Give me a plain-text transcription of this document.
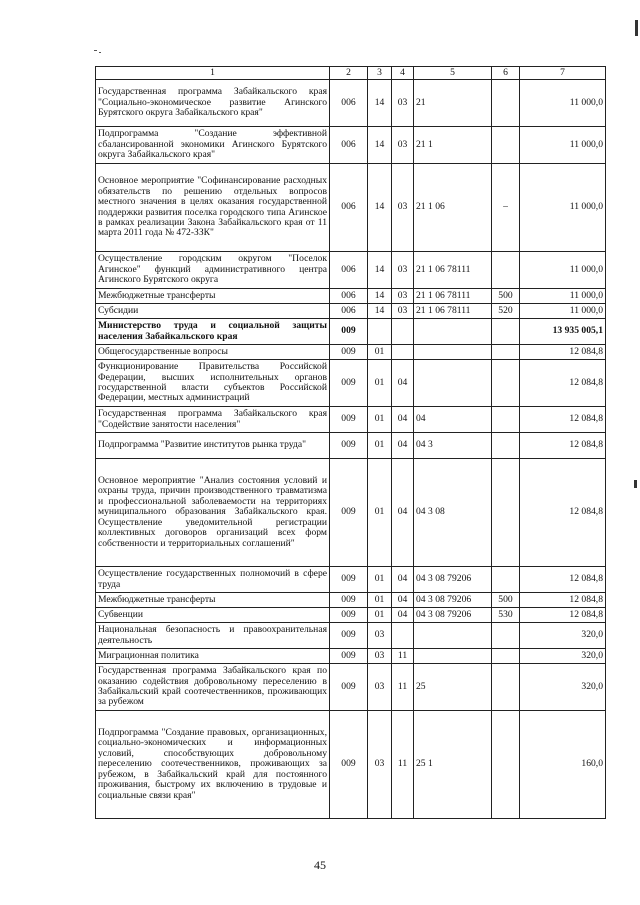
1	2	3	4	5	6	7
Государственная программа Забайкальского края "Социально-экономическое развитие Агинского Бурятского округа Забайкальского края"	006	14	03	21		11 000,0
Подпрограмма "Создание эффективной сбалансированной экономики Агинского Бурятского округа Забайкальского края"	006	14	03	21 1		11 000,0
Основное мероприятие "Софинансирование расходных обязательств по решению отдельных вопросов местного значения в целях оказания государственной поддержки развития поселка городского типа Агинское в рамках реализации Закона Забайкальского края от 11 марта 2011 года № 472-ЗЗК"	006	14	03	21 1 06	–	11 000,0
Осуществление городским округом "Поселок Агинское" функций административного центра Агинского Бурятского округа	006	14	03	21 1 06 78111		11 000,0
Межбюджетные трансферты	006	14	03	21 1 06 78111	500	11 000,0
Субсидии	006	14	03	21 1 06 78111	520	11 000,0
Министерство труда и социальной защиты населения Забайкальского края	009					13 935 005,1
Общегосударственные вопросы	009	01				12 084,8
Функционирование Правительства Российской Федерации, высших исполнительных органов государственной власти субъектов Российской Федерации, местных администраций	009	01	04			12 084,8
Государственная программа Забайкальского края "Содействие занятости населения"	009	01	04	04		12 084,8
Подпрограмма "Развитие институтов рынка труда"	009	01	04	04 3		12 084,8
Основное мероприятие "Анализ состояния условий и охраны труда, причин производственного травматизма и профессиональной заболеваемости на территориях муниципального образования Забайкальского края. Осуществление уведомительной регистрации коллективных договоров организаций всех форм собственности и территориальных соглашений"	009	01	04	04 3 08		12 084,8
Осуществление государственных полномочий в сфере труда	009	01	04	04 3 08 79206		12 084,8
Межбюджетные трансферты	009	01	04	04 3 08 79206	500	12 084,8
Субвенции	009	01	04	04 3 08 79206	530	12 084,8
Национальная безопасность и правоохранительная деятельность	009	03				320,0
Миграционная политика	009	03	11			320,0
Государственная программа Забайкальского края по оказанию содействия добровольному переселению в Забайкальский край соотечественников, проживающих за рубежом	009	03	11	25		320,0
Подпрограмма "Создание правовых, организационных, социально-экономических и информационных условий, способствующих добровольному переселению соотечественников, проживающих за рубежом, в Забайкальский край для постоянного проживания, быстрому их включению в трудовые и социальные связи края"	009	03	11	25 1		160,0
45
